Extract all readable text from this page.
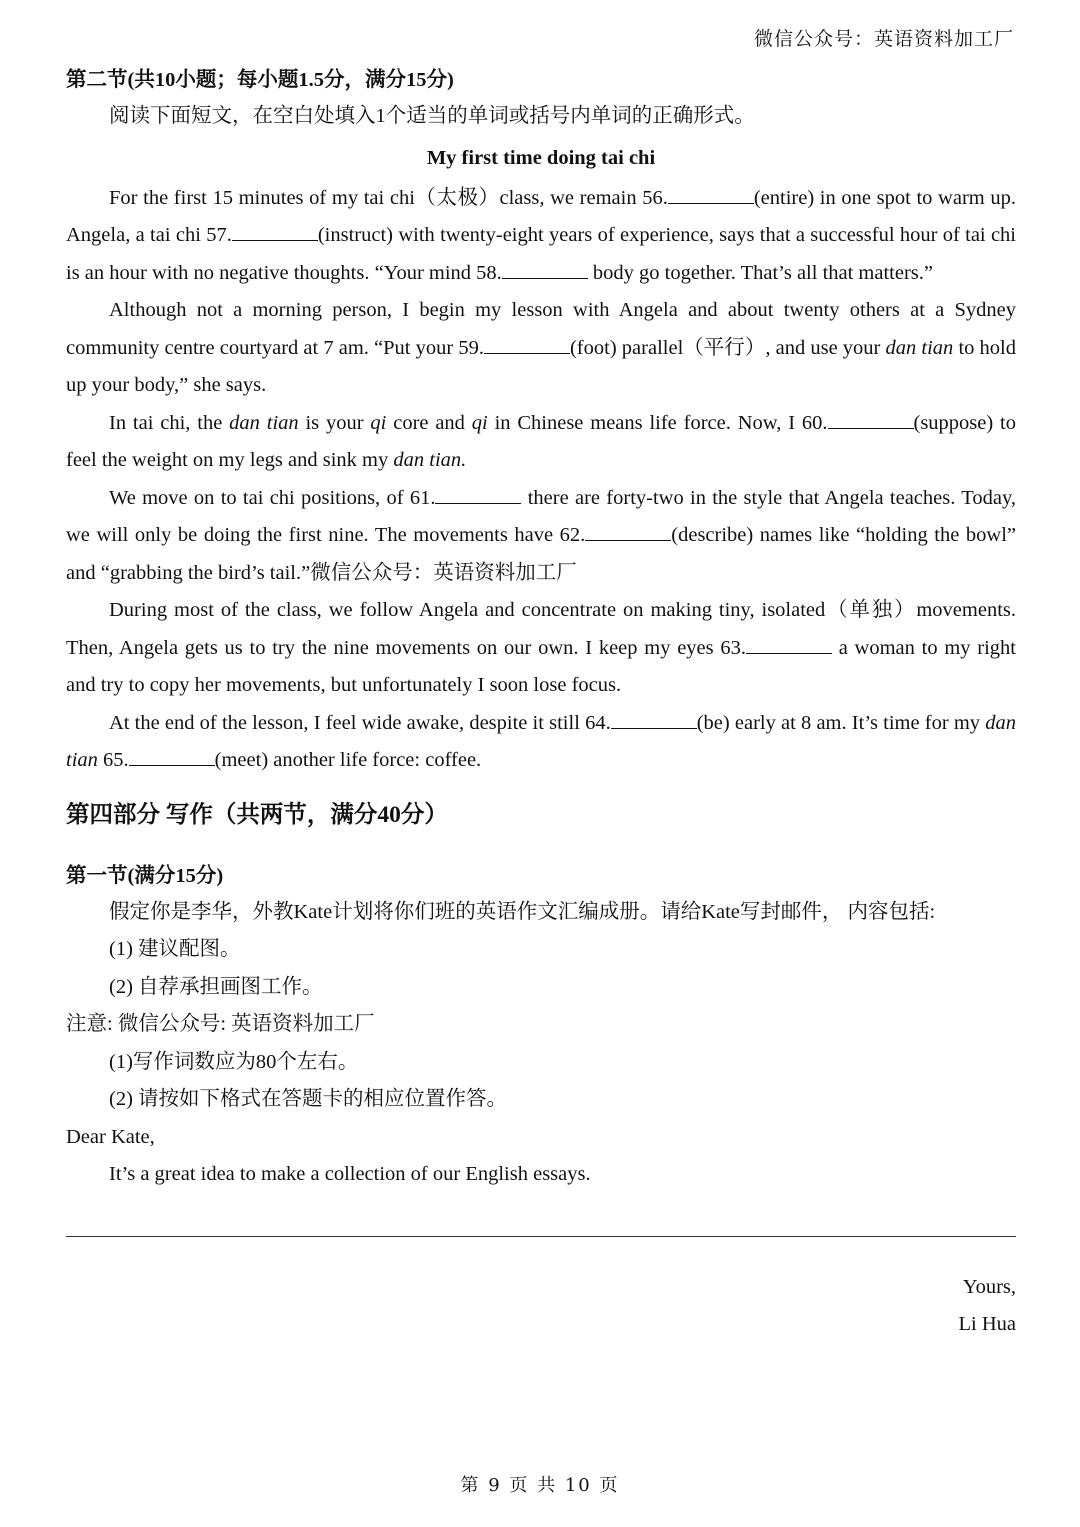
微信公众号：英语资料加工厂

第二节(共10小题；每小题1.5分，满分15分)

阅读下面短文，在空白处填入1个适当的单词或括号内单词的正确形式。

My first time doing tai chi

For the first 15 minutes of my tai chi（太极）class, we remain 56.	(entire) in one spot to warm up. Angela, a tai chi 57.	(instruct) with twenty-eight years of experience, says that a successful hour of tai chi is an hour with no negative thoughts. “Your mind 58.	body go together. That’s all that matters.”

Although not a morning person, I begin my lesson with Angela and about twenty others at a Sydney community centre courtyard at 7 am. “Put your 59.	(foot) parallel（平行）, and use your dan tian to hold up your body,” she says.

In tai chi, the dan tian is your qi core and qi in Chinese means life force. Now, I 60.	(suppose) to feel the weight on my legs and sink my dan tian.

We move on to tai chi positions, of 61.	there are forty-two in the style that Angela teaches. Today, we will only be doing the first nine. The movements have 62.	(describe) names like “holding the bowl” and “grabbing the bird’s tail.”微信公众号：英语资料加工厂

During most of the class, we follow Angela and concentrate on making tiny, isolated（单独）movements. Then, Angela gets us to try the nine movements on our own. I keep my eyes 63.	a woman to my right and try to copy her movements, but unfortunately I soon lose focus.

At the end of the lesson, I feel wide awake, despite it still 64.	(be) early at 8 am. It’s time for my dan tian 65.	(meet) another life force: coffee.

第四部分 写作（共两节，满分40分）

第一节(满分15分)

假定你是李华，外教Kate计划将你们班的英语作文汇编成册。请给Kate写封邮件， 内容包括:

(1) 建议配图。

(2) 自荐承担画图工作。

注意: 微信公众号: 英语资料加工厂

(1)写作词数应为80个左右。

(2) 请按如下格式在答题卡的相应位置作答。

Dear Kate,

It’s a great idea to make a collection of our English essays.

Yours,

Li Hua

第 9 页 共 10 页
